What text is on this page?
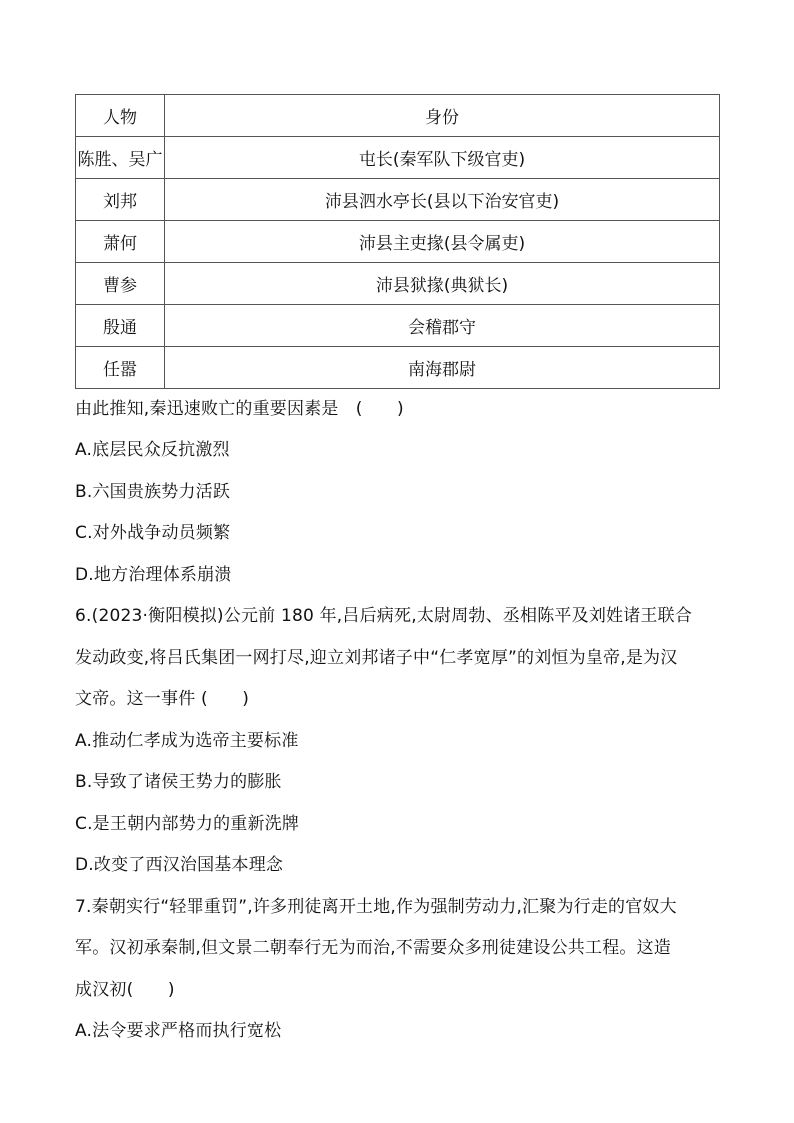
人物	身份
陈胜、吴广	屯长(秦军队下级官吏)
刘邦	沛县泗水亭长(县以下治安官吏)
萧何	沛县主吏掾(县令属吏)
曹参	沛县狱掾(典狱长)
殷通	会稽郡守
任嚣	南海郡尉
由此推知,秦迅速败亡的重要因素是　(　　)
A.底层民众反抗激烈
B.六国贵族势力活跃
C.对外战争动员频繁
D.地方治理体系崩溃
6.(2023·衡阳模拟)公元前 180 年,吕后病死,太尉周勃、丞相陈平及刘姓诸王联合
发动政变,将吕氏集团一网打尽,迎立刘邦诸子中“仁孝宽厚”的刘恒为皇帝,是为汉
文帝。这一事件 (　　)
A.推动仁孝成为选帝主要标准
B.导致了诸侯王势力的膨胀
C.是王朝内部势力的重新洗牌
D.改变了西汉治国基本理念
7.秦朝实行“轻罪重罚”,许多刑徒离开土地,作为强制劳动力,汇聚为行走的官奴大
军。汉初承秦制,但文景二朝奉行无为而治,不需要众多刑徒建设公共工程。这造
成汉初(　　)
A.法令要求严格而执行宽松
